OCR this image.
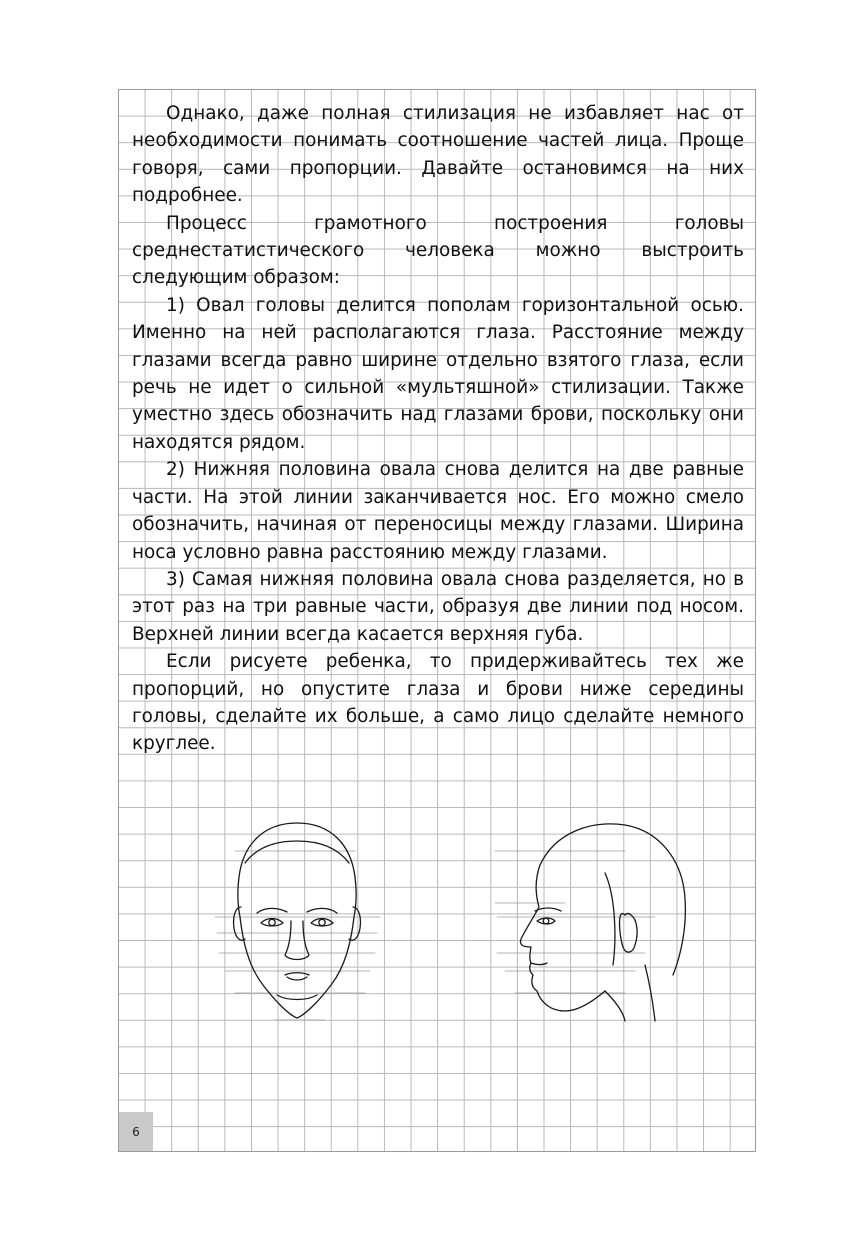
Однако, даже полная стилизация не избавляет нас от необходимости понимать соотношение частей лица. Проще говоря, сами пропорции. Давайте остановимся на них подробнее.

Процесс грамотного построения головы среднестатистического человека можно выстроить следующим образом:

1) Овал головы делится пополам горизонтальной осью. Именно на ней располагаются глаза. Расстояние между глазами всегда равно ширине отдельно взятого глаза, если речь не идет о сильной «мультяшной» стилизации. Также уместно здесь обозначить над глазами брови, поскольку они находятся рядом.

2) Нижняя половина овала снова делится на две равные части. На этой линии заканчивается нос. Его можно смело обозначить, начиная от переносицы между глазами. Ширина носа условно равна расстоянию между глазами.

3) Самая нижняя половина овала снова разделяется, но в этот раз на три равные части, образуя две линии под носом. Верхней линии всегда касается верхняя губа.

Если рисуете ребенка, то придерживайтесь тех же пропорций, но опустите глаза и брови ниже середины головы, сделайте их больше, а само лицо сделайте немного круглее.

6
